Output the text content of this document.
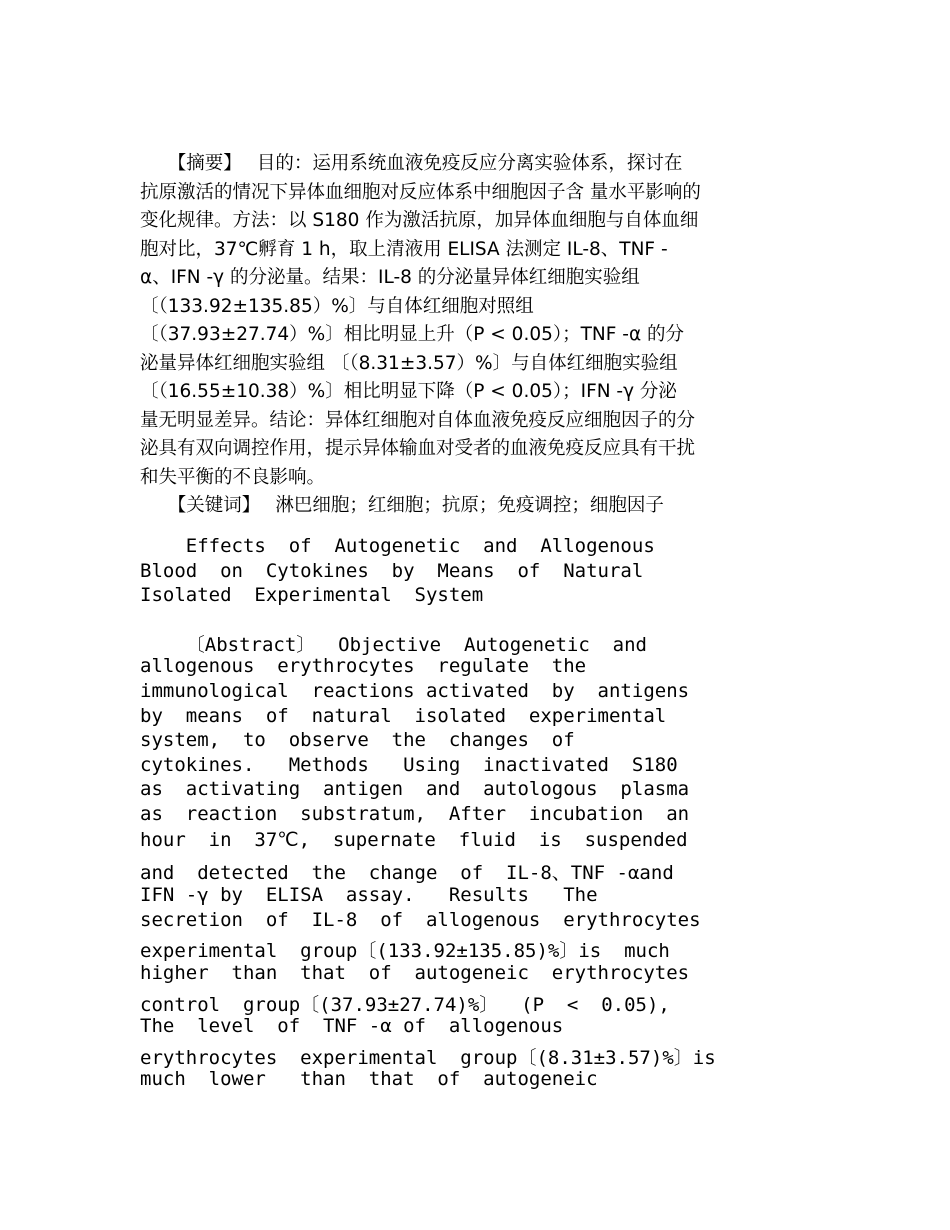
　　【摘要】　 目的：运用系统血液免疫反应分离实验体系，探讨在
抗原激活的情况下异体血细胞对反应体系中细胞因子含 量水平影响的
变化规律。方法：以 S180 作为激活抗原，加异体血细胞与自体血细
胞对比，37℃孵育 1 h，取上清液用 ELISA 法测定 IL-8、TNF -
α、IFN -γ 的分泌量。结果：IL-8 的分泌量异体红细胞实验组
〔（133.92±135.85）%〕与自体红细胞对照组
〔（37.93±27.74）%〕相比明显上升（P < 0.05）；TNF -α 的分
泌量异体红细胞实验组 〔（8.31±3.57）%〕与自体红细胞实验组
〔（16.55±10.38）%〕相比明显下降（P < 0.05）；IFN -γ 分泌
量无明显差异。结论：异体红细胞对自体血液免疫反应细胞因子的分
泌具有双向调控作用，提示异体输血对受者的血液免疫反应具有干扰
和失平衡的不良影响。
　　【关键词】　 淋巴细胞；红细胞；抗原；免疫调控；细胞因子
Effects  of  Autogenetic  and  Allogenous
Blood  on  Cytokines  by  Means  of  Natural
Isolated  Experimental  System
〔Abstract〕  Objective  Autogenetic  and
allogenous  erythrocytes  regulate  the
immunological  reactions activated  by  antigens
by  means  of  natural  isolated  experimental
system,  to  observe  the  changes  of
cytokines.   Methods   Using  inactivated  S180
as  activating  antigen  and  autologous  plasma
as  reaction  substratum,  After  incubation  an
hour  in  37℃,  supernate  fluid  is  suspended
and  detected  the  change  of  IL-8、TNF -αand
IFN -γ by  ELISA  assay.   Results   The
secretion  of  IL-8  of  allogenous  erythrocytes
experimental  group〔(133.92±135.85)%〕is  much
higher  than  that  of  autogeneic  erythrocytes
control  group〔(37.93±27.74)%〕  (P  <  0.05),
The  level  of  TNF -α of  allogenous
erythrocytes  experimental  group〔(8.31±3.57)%〕is
much  lower   than  that  of  autogeneic
